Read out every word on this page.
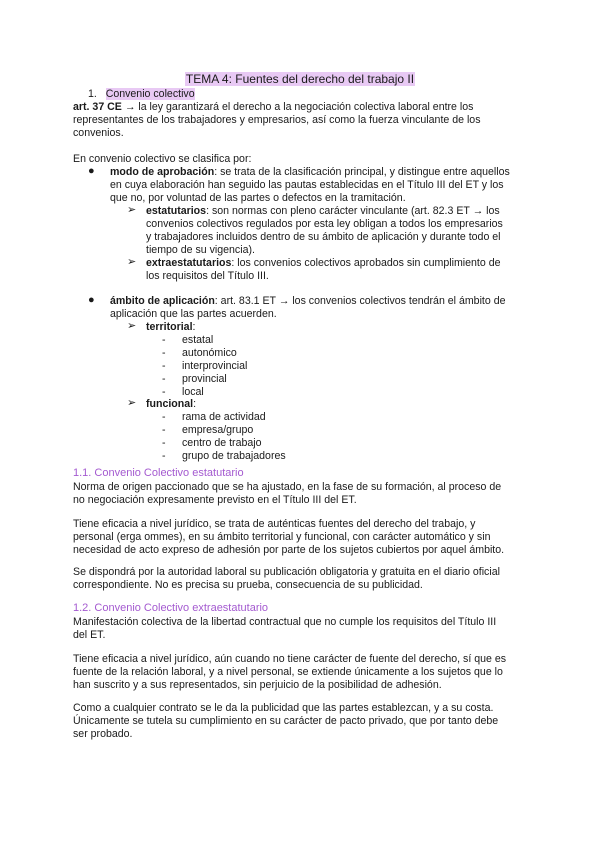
TEMA 4: Fuentes del derecho del trabajo II
1. Convenio colectivo
art. 37 CE → la ley garantizará el derecho a la negociación colectiva laboral entre los
representantes de los trabajadores y empresarios, así como la fuerza vinculante de los
convenios.
En convenio colectivo se clasifica por:
● modo de aprobación: se trata de la clasificación principal, y distingue entre aquellos
en cuya elaboración han seguido las pautas establecidas en el Título III del ET y los
que no, por voluntad de las partes o defectos en la tramitación.
➢ estatutarios: son normas con pleno carácter vinculante (art. 82.3 ET → los
convenios colectivos regulados por esta ley obligan a todos los empresarios
y trabajadores incluidos dentro de su ámbito de aplicación y durante todo el
tiempo de su vigencia).
➢ extraestatutarios: los convenios colectivos aprobados sin cumplimiento de
los requisitos del Título III.
● ámbito de aplicación: art. 83.1 ET → los convenios colectivos tendrán el ámbito de
aplicación que las partes acuerden.
➢ territorial:
- estatal
- autonómico
- interprovincial
- provincial
- local
➢ funcional:
- rama de actividad
- empresa/grupo
- centro de trabajo
- grupo de trabajadores
1.1. Convenio Colectivo estatutario
Norma de origen paccionado que se ha ajustado, en la fase de su formación, al proceso de
no negociación expresamente previsto en el Título III del ET.
Tiene eficacia a nivel jurídico, se trata de auténticas fuentes del derecho del trabajo, y
personal (erga ommes), en su ámbito territorial y funcional, con carácter automático y sin
necesidad de acto expreso de adhesión por parte de los sujetos cubiertos por aquel ámbito.
Se dispondrá por la autoridad laboral su publicación obligatoria y gratuita en el diario oficial
correspondiente. No es precisa su prueba, consecuencia de su publicidad.
1.2. Convenio Colectivo extraestatutario
Manifestación colectiva de la libertad contractual que no cumple los requisitos del Título III
del ET.
Tiene eficacia a nivel jurídico, aún cuando no tiene carácter de fuente del derecho, sí que es
fuente de la relación laboral, y a nivel personal, se extiende únicamente a los sujetos que lo
han suscrito y a sus representados, sin perjuicio de la posibilidad de adhesión.
Como a cualquier contrato se le da la publicidad que las partes establezcan, y a su costa.
Únicamente se tutela su cumplimiento en su carácter de pacto privado, que por tanto debe
ser probado.
